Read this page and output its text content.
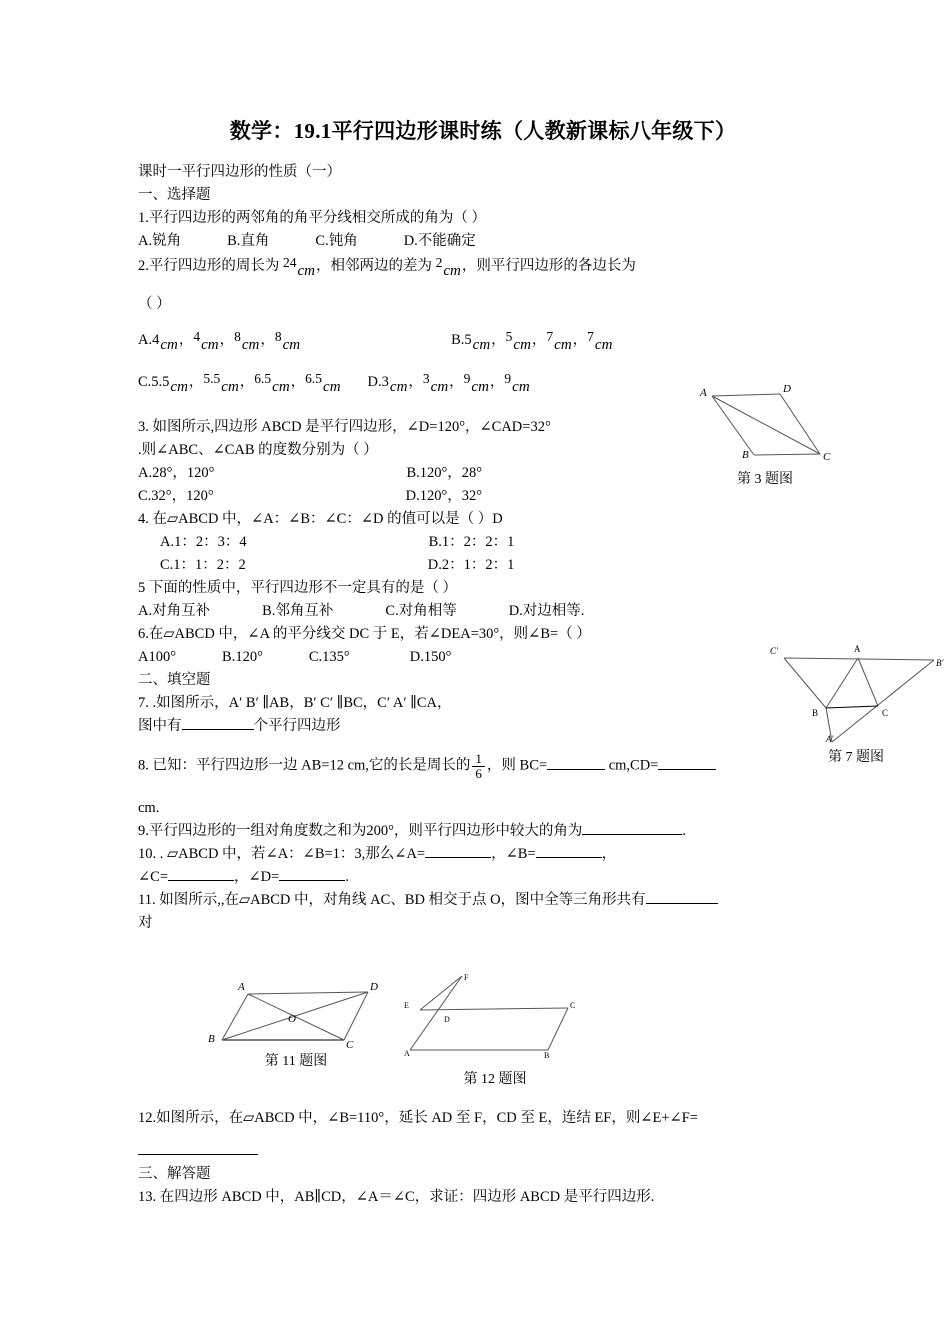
数学：19.1平行四边形课时练（人教新课标八年级下）

课时一平行四边形的性质（一）

一、选择题

1.平行四边形的两邻角的角平分线相交所成的角为（ ）

A.锐角	B.直角	C.钝角	D.不能确定

2.平行四边形的周长为 24cm，相邻两边的差为 2cm，则平行四边形的各边长为

（ ）

A.4cm，4cm，8cm，8cm	B.5cm，5cm，7cm，7cm

C.5.5cm，5.5cm，6.5cm，6.5cm D.3cm，3cm，9cm，9cm

3. 如图所示,四边形 ABCD 是平行四边形，∠D=120°，∠CAD=32°

.则∠ABC、∠CAB 的度数分别为（ ）

A.28°，120°	B.120°，28°

C.32°，120°	D.120°，32°

4. 在▱ABCD 中，∠A：∠B：∠C：∠D 的值可以是（ ）D

A.1：2：3：4	B.1：2：2：1

C.1：1：2：2	D.2：1：2：1

5 下面的性质中，平行四边形不一定具有的是（ ）

A.对角互补	B.邻角互补	C.对角相等	D.对边相等.

6.在▱ABCD 中，∠A 的平分线交 DC 于 E，若∠DEA=30°，则∠B=（ ）

A100°	B.120°	C.135°	D.150°

二、填空题

7. .如图所示，A′ B′ ∥AB，B′ C′ ∥BC，C′ A′ ∥CA，

图中有	个平行四边形

8. 已知：平行四边形一边 AB=12 cm,它的长是周长的 $\frac{1}{6}$ ，则 BC=	cm,CD=

cm.

9.平行四边形的一组对角度数之和为200°，则平行四边形中较大的角为	.

10. . ▱ABCD 中，若∠A：∠B=1：3,那么∠A=	，∠B=	，

∠C=	，∠D=	.

11. 如图所示,,在▱ABCD 中，对角线 AC、BD 相交于点 O，图中全等三角形共有

对

12.如图所示，在▱ABCD 中，∠B=110°，延长 AD 至 F，CD 至 E，连结 EF，则∠E+∠F=

三、解答题

13. 在四边形 ABCD 中，AB∥CD，∠A＝∠C，求证：四边形 ABCD 是平行四边形.

A	D
B	C
第 3 题图
C′
B′
A′
A
B	C
第 7 题图
A	D
B	C
O
第 11 题图
E
F
C
D
A	B
第 12 题图
